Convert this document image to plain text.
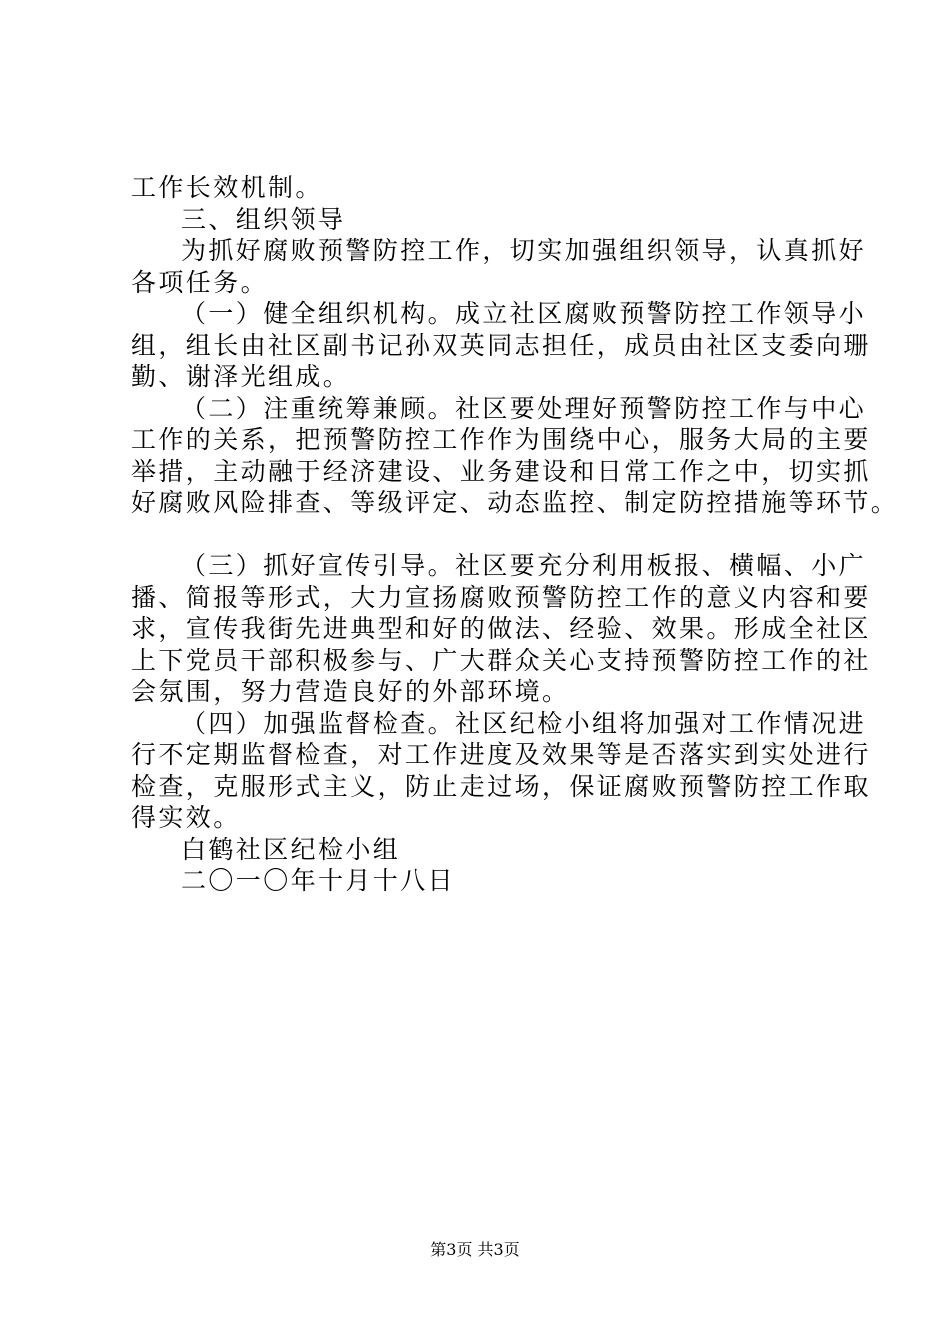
工作长效机制。
三、组织领导
为抓好腐败预警防控工作，切实加强组织领导，认真抓好
各项任务。
（一）健全组织机构。成立社区腐败预警防控工作领导小
组，组长由社区副书记孙双英同志担任，成员由社区支委向珊
勤、谢泽光组成。
（二）注重统筹兼顾。社区要处理好预警防控工作与中心
工作的关系，把预警防控工作作为围绕中心，服务大局的主要
举措，主动融于经济建设、业务建设和日常工作之中，切实抓
好腐败风险排查、等级评定、动态监控、制定防控措施等环节。
（三）抓好宣传引导。社区要充分利用板报、横幅、小广
播、简报等形式，大力宣扬腐败预警防控工作的意义内容和要
求，宣传我街先进典型和好的做法、经验、效果。形成全社区
上下党员干部积极参与、广大群众关心支持预警防控工作的社
会氛围，努力营造良好的外部环境。
（四）加强监督检查。社区纪检小组将加强对工作情况进
行不定期监督检查，对工作进度及效果等是否落实到实处进行
检查，克服形式主义，防止走过场，保证腐败预警防控工作取
得实效。
白鹤社区纪检小组
二〇一〇年十月十八日
第3页 共3页
